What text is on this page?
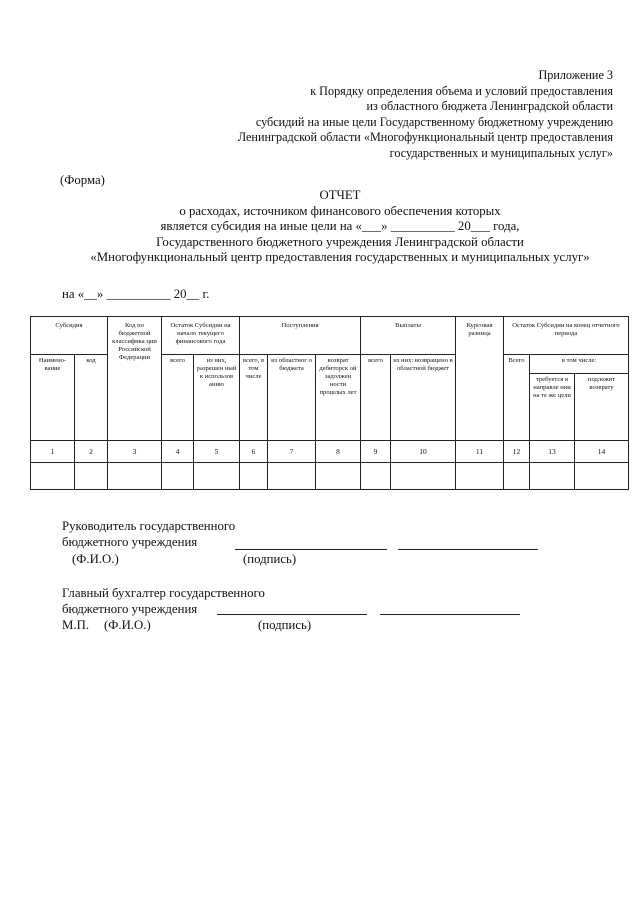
Приложение 3
к Порядку определения объема и условий предоставления
из областного бюджета Ленинградской области
субсидий на иные цели Государственному бюджетному учреждению
Ленинградской области «Многофункциональный центр предоставления
государственных и муниципальных услуг»
(Форма)
ОТЧЕТ
о расходах, источником финансового обеспечения которых
является субсидия на иные цели на «___» __________ 20___ года,
Государственного бюджетного учреждения Ленинградской области
«Многофункциональный центр предоставления государственных и муниципальных услуг»
на «__» __________ 20__ г.
Субсидия		Код по бюджетной классифика ции Российской Федерации	Остаток Субсидии на начало текущего финансового года		Поступления			Выплаты		Курсовая разница	Остаток Субсидии на конец отчетного периода		
Наимено- вание	код		всего	из них, разрешен ный к использов анию	всего, в том числе	из областног о бюджета	возврат дебиторск ой задолжен ности прошлых лет	всего	из них: возвращено в областной бюджет		Всего	в том числе:	
												требуется в направле нии на те же цели	подлежит возврату
1	2	3	4	5	6	7	8	9	10	11	12	13	14

Руководитель государственного
бюджетного учреждения
(Ф.И.О.)	(подпись)
Главный бухгалтер государственного
бюджетного учреждения
М.П. (Ф.И.О.)	(подпись)
